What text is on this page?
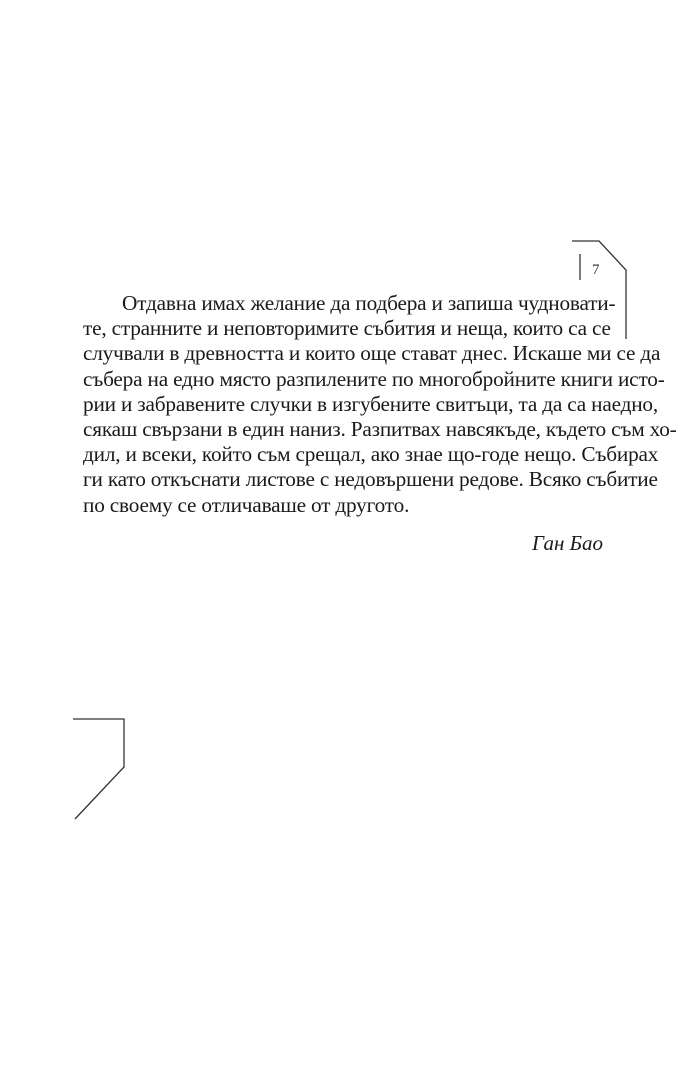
7
Отдавна имах желание да подбера и запиша чудновати-
те, странните и неповторимите събития и неща, които са се
случвали в древността и които още стават днес. Искаше ми се да
събера на едно място разпилените по многобройните книги исто-
рии и забравените случки в изгубените свитъци, та да са наедно,
сякаш свързани в един наниз. Разпитвах навсякъде, където съм хо-
дил, и всеки, който съм срещал, ако знае що-годе нещо. Събирах
ги като откъснати листове с недовършени редове. Всяко събитие
по своему се отличаваше от другото.
Ган Бао
